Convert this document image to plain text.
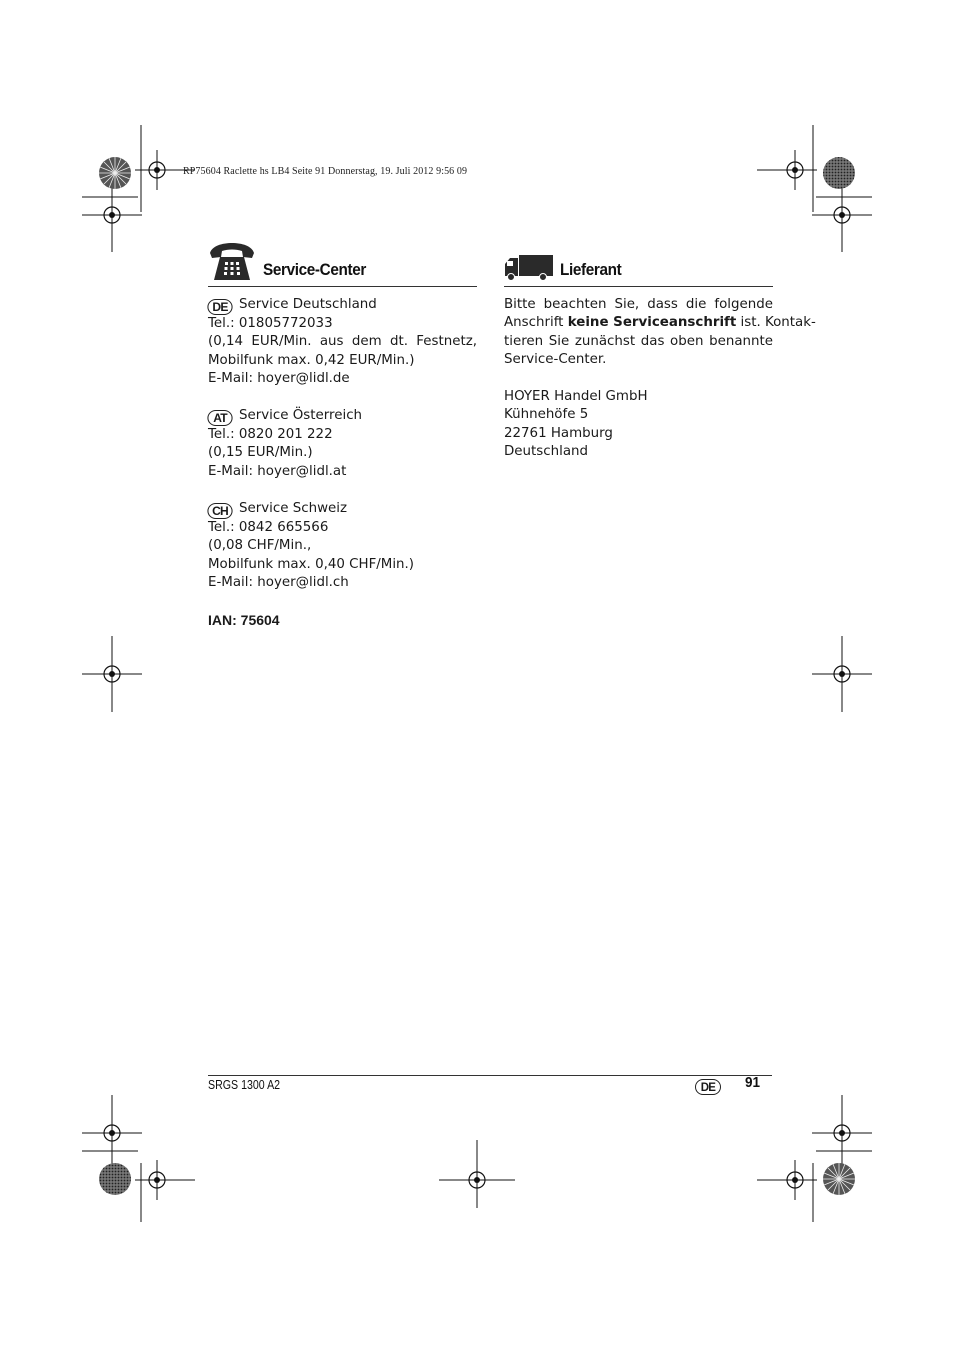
RP75604 Raclette hs LB4 Seite 91 Donnerstag, 19. Juli 2012 9:56 09
Service-Center
DE Service Deutschland
Tel.: 01805772033
(0,14 EUR/Min. aus dem dt. Festnetz,
Mobilfunk max. 0,42 EUR/Min.)
E-Mail: hoyer@lidl.de
AT Service Österreich
Tel.: 0820 201 222
(0,15 EUR/Min.)
E-Mail: hoyer@lidl.at
CH Service Schweiz
Tel.: 0842 665566
(0,08 CHF/Min.,
Mobilfunk max. 0,40 CHF/Min.)
E-Mail: hoyer@lidl.ch
IAN: 75604
Lieferant
Bitte beachten Sie, dass die folgende
Anschrift keine Serviceanschrift ist. Kontak-
tieren Sie zunächst das oben benannte
Service-Center.
HOYER Handel GmbH
Kühnehöfe 5
22761 Hamburg
Deutschland
SRGS 1300 A2	DE	91
